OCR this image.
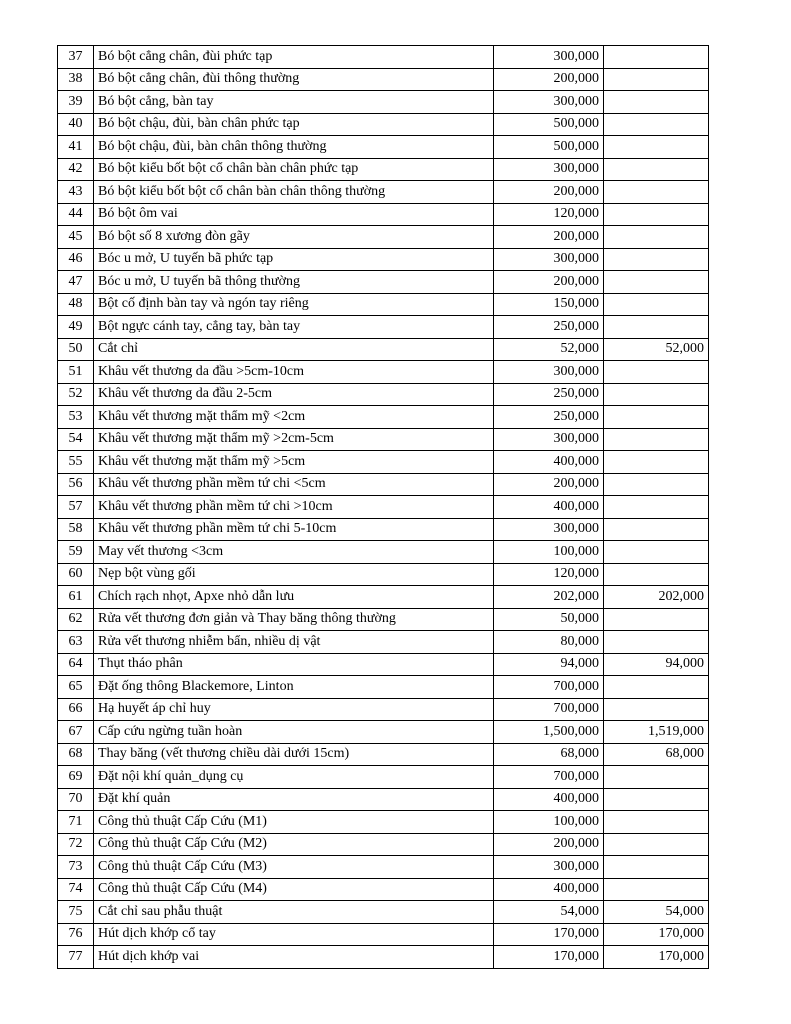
37	Bó bột cẳng chân, đùi phức tạp	300,000	
38	Bó bột cẳng chân, đùi thông thường	200,000	
39	Bó bột cẳng, bàn tay	300,000	
40	Bó bột chậu, đùi, bàn chân phức tạp	500,000	
41	Bó bột chậu, đùi, bàn chân thông thường	500,000	
42	Bó bột kiểu bốt bột cổ chân bàn chân phức tạp	300,000	
43	Bó bột kiểu bốt bột cổ chân bàn chân thông thường	200,000	
44	Bó bột ôm vai	120,000	
45	Bó bột số 8 xương đòn gãy	200,000	
46	Bóc u mở, U tuyến bã phức tạp	300,000	
47	Bóc u mở, U tuyến bã thông thường	200,000	
48	Bột cố định bàn tay và ngón tay riêng	150,000	
49	Bột ngực cánh tay, cẳng tay, bàn tay	250,000	
50	Cắt chỉ	52,000	52,000
51	Khâu vết thương da đầu >5cm-10cm	300,000	
52	Khâu vết thương da đầu 2-5cm	250,000	
53	Khâu vết thương mặt thẩm mỹ <2cm	250,000	
54	Khâu vết thương mặt thẩm mỹ >2cm-5cm	300,000	
55	Khâu vết thương mặt thẩm mỹ >5cm	400,000	
56	Khâu vết thương phần mềm tứ chi <5cm	200,000	
57	Khâu vết thương phần mềm tứ chi >10cm	400,000	
58	Khâu vết thương phần mềm tứ chi 5-10cm	300,000	
59	May vết thương <3cm	100,000	
60	Nẹp bột vùng gối	120,000	
61	Chích rạch nhọt, Apxe nhỏ dẫn lưu	202,000	202,000
62	Rửa vết thương đơn giản và Thay băng thông thường	50,000	
63	Rửa vết thương nhiễm bẩn, nhiều dị vật	80,000	
64	Thụt tháo phân	94,000	94,000
65	Đặt ống thông Blackemore, Linton	700,000	
66	Hạ huyết áp chỉ huy	700,000	
67	Cấp cứu ngừng tuần hoàn	1,500,000	1,519,000
68	Thay băng (vết thương chiều dài dưới 15cm)	68,000	68,000
69	Đặt nội khí quản_dụng cụ	700,000	
70	Đặt khí quản	400,000	
71	Công thủ thuật Cấp Cứu (M1)	100,000	
72	Công thủ thuật Cấp Cứu (M2)	200,000	
73	Công thủ thuật Cấp Cứu (M3)	300,000	
74	Công thủ thuật Cấp Cứu (M4)	400,000	
75	Cắt chỉ sau phẫu thuật	54,000	54,000
76	Hút dịch khớp cổ tay	170,000	170,000
77	Hút dịch khớp vai	170,000	170,000
